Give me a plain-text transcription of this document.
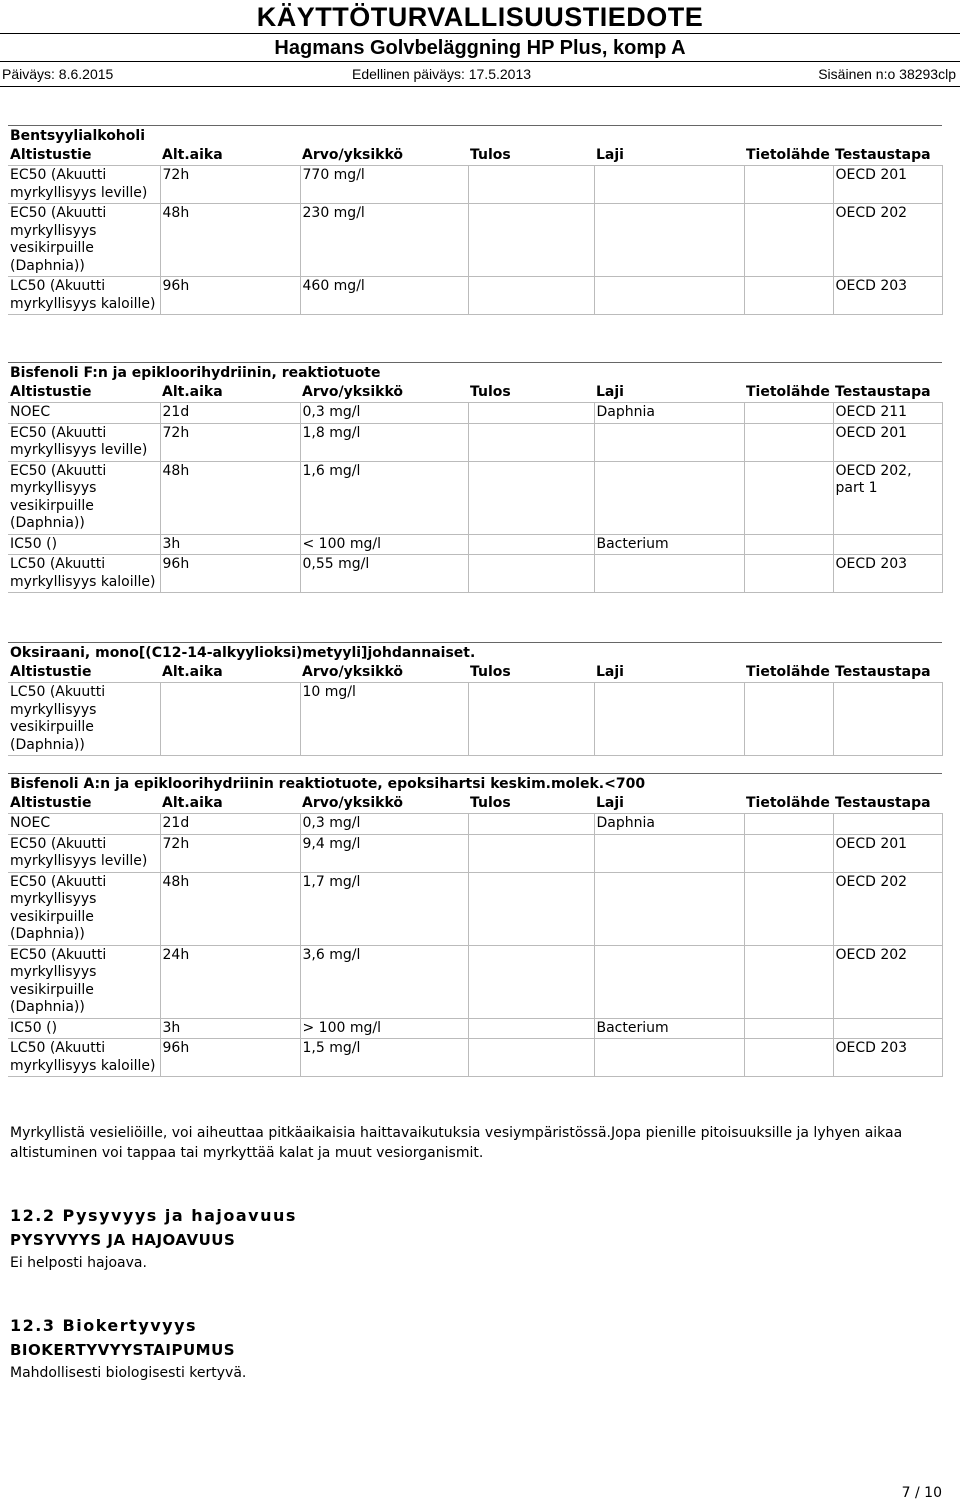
KÄYTTÖTURVALLISUUSTIEDOTE
Hagmans Golvbeläggning HP Plus, komp A
Päiväys: 8.6.2015	Edellinen päiväys: 17.5.2013	Sisäinen n:o 38293clp
Bentsyylialkoholi
Altistustie	Alt.aika	Arvo/yksikkö	Tulos	Laji	Tietolähde	Testaustapa
EC50 (Akuutti myrkyllisyys leville)	72h	770 mg/l				OECD 201
EC50 (Akuutti myrkyllisyys vesikirpuille (Daphnia))	48h	230 mg/l				OECD 202
LC50 (Akuutti myrkyllisyys kaloille)	96h	460 mg/l				OECD 203
Bisfenoli F:n ja epikloorihydriinin, reaktiotuote
Altistustie	Alt.aika	Arvo/yksikkö	Tulos	Laji	Tietolähde	Testaustapa
NOEC	21d	0,3 mg/l		Daphnia		OECD 211
EC50 (Akuutti myrkyllisyys leville)	72h	1,8 mg/l				OECD 201
EC50 (Akuutti myrkyllisyys vesikirpuille (Daphnia))	48h	1,6 mg/l				OECD 202, part 1
IC50 ()	3h	< 100 mg/l		Bacterium		
LC50 (Akuutti myrkyllisyys kaloille)	96h	0,55 mg/l				OECD 203
Oksiraani, mono[(C12-14-alkyylioksi)metyyli]johdannaiset.
Altistustie	Alt.aika	Arvo/yksikkö	Tulos	Laji	Tietolähde	Testaustapa
LC50 (Akuutti myrkyllisyys vesikirpuille (Daphnia))		10 mg/l				
Bisfenoli A:n ja epikloorihydriinin reaktiotuote, epoksihartsi keskim.molek.<700
Altistustie	Alt.aika	Arvo/yksikkö	Tulos	Laji	Tietolähde	Testaustapa
NOEC	21d	0,3 mg/l		Daphnia		
EC50 (Akuutti myrkyllisyys leville)	72h	9,4 mg/l				OECD 201
EC50 (Akuutti myrkyllisyys vesikirpuille (Daphnia))	48h	1,7 mg/l				OECD 202
EC50 (Akuutti myrkyllisyys vesikirpuille (Daphnia))	24h	3,6 mg/l				OECD 202
IC50 ()	3h	> 100 mg/l		Bacterium		
LC50 (Akuutti myrkyllisyys kaloille)	96h	1,5 mg/l				OECD 203
Myrkyllistä vesieliöille, voi aiheuttaa pitkäaikaisia haittavaikutuksia vesiympäristössä.Jopa pienille pitoisuuksille ja lyhyen aikaa altistuminen voi tappaa tai myrkyttää kalat ja muut vesiorganismit.
12.2 Pysyvyys ja hajoavuus
PYSYVYYS JA HAJOAVUUS
Ei helposti hajoava.
12.3 Biokertyvyys
BIOKERTYVYYSTAIPUMUS
Mahdollisesti biologisesti kertyvä.
7 / 10
